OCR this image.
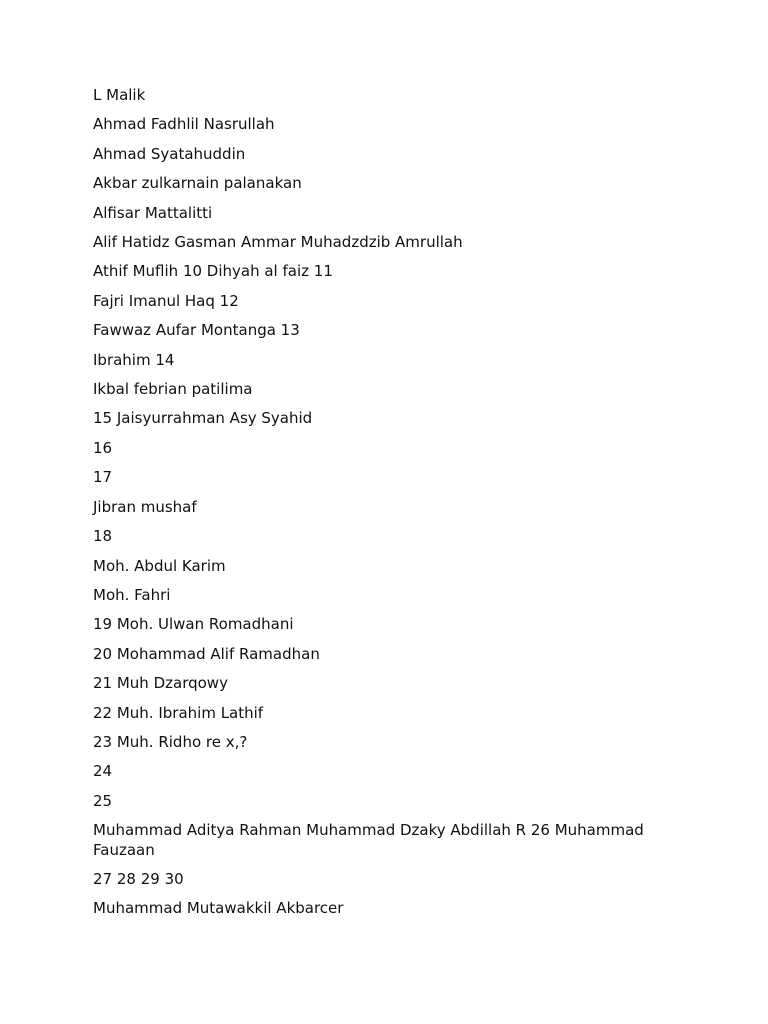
L Malik
Ahmad Fadhlil Nasrullah
Ahmad Syatahuddin
Akbar zulkarnain palanakan
Alfisar Mattalitti
Alif Hatidz Gasman Ammar Muhadzdzib Amrullah
Athif Muflih 10 Dihyah al faiz 11
Fajri Imanul Haq 12
Fawwaz Aufar Montanga 13
Ibrahim 14
Ikbal febrian patilima
15 Jaisyurrahman Asy Syahid
16
17
Jibran mushaf
18
Moh. Abdul Karim
Moh. Fahri
19 Moh. Ulwan Romadhani
20 Mohammad Alif Ramadhan
21 Muh Dzarqowy
22 Muh. Ibrahim Lathif
23 Muh. Ridho re x,?
24
25
Muhammad Aditya Rahman Muhammad Dzaky Abdillah R 26 Muhammad Fauzaan
27 28 29 30
Muhammad Mutawakkil Akbarcer
